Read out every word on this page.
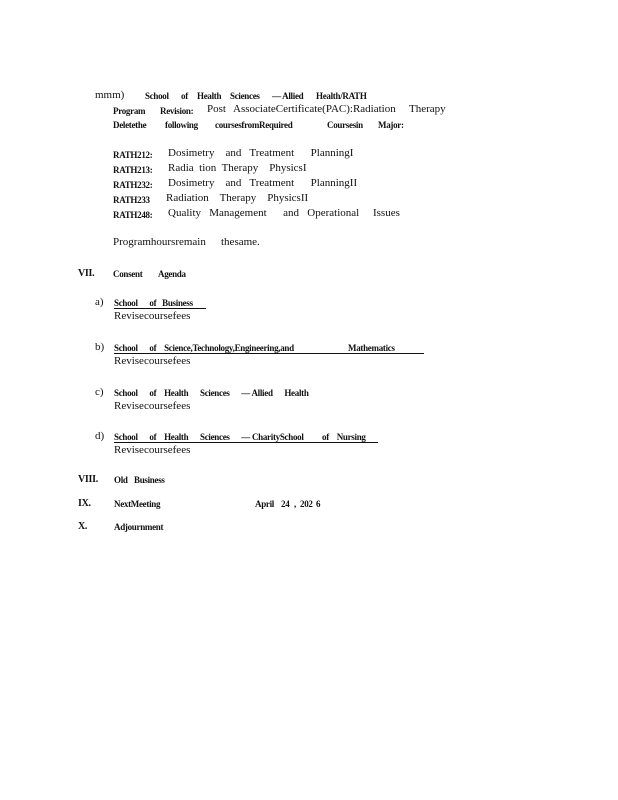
mmm) School of Health Sciences — Allied Health/RATH
Program Revision: Post AssociateCertificate(PAC):Radiation Therapy
Deletethe following coursesfromRequired	Coursesin Major:
RATH212: Dosimetry    and   Treatment      PlanningI
RATH213: Radia  tion  Therapy    PhysicsI
RATH232: Dosimetry    and   Treatment      PlanningII
RATH233 Radiation    Therapy    PhysicsII
RATH248: Quality   Management      and   Operational     Issues
Programhoursremain thesame.
VII. Consent Agenda
a) School      of   Business
Revisecoursefees
b) School      of    Science,Technology,Engineering,and	Mathematics
Revisecoursefees
c) School      of    Health      Sciences      — Allied      Health
Revisecoursefees
d) School      of    Health      Sciences      — CharitySchool	of    Nursing
Revisecoursefees
VIII. Old Business
IX.	NextMeeting	April 24 , 202 6
X.	Adjournment
